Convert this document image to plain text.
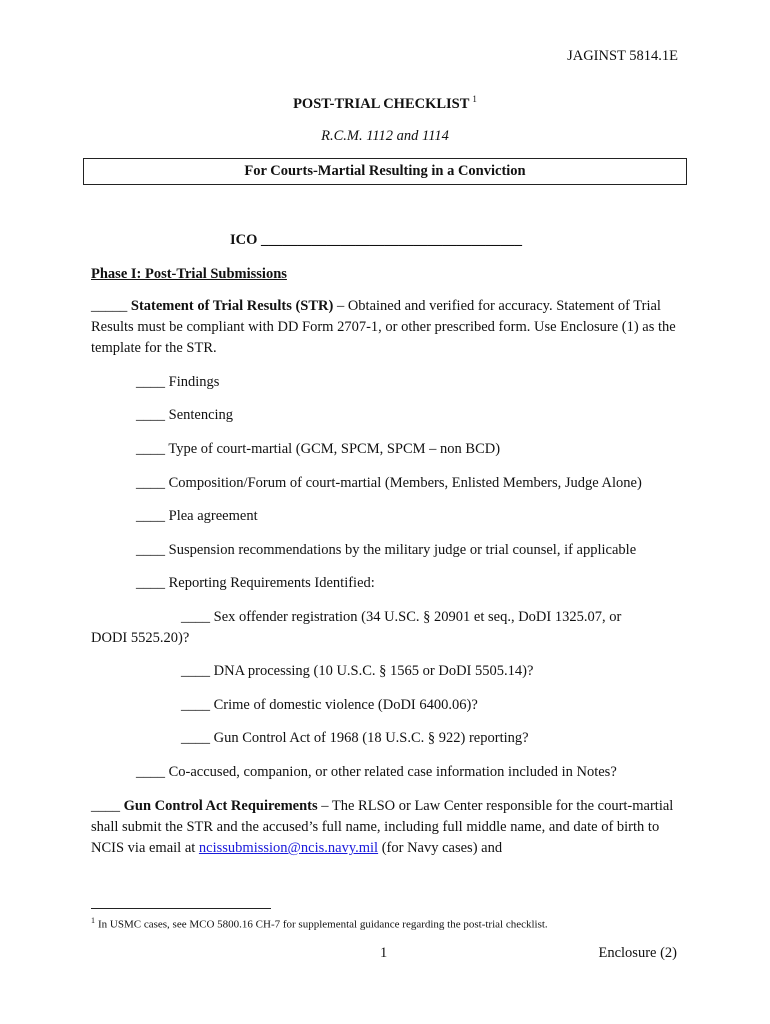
JAGINST 5814.1E
POST-TRIAL CHECKLIST $^1$
R.C.M. 1112 and 1114
For Courts-Martial Resulting in a Conviction
ICO ____________________________________
Phase I: Post-Trial Submissions
_____ Statement of Trial Results (STR) – Obtained and verified for accuracy. Statement of Trial Results must be compliant with DD Form 2707-1, or other prescribed form. Use Enclosure (1) as the template for the STR.
____ Findings
____ Sentencing
____ Type of court-martial (GCM, SPCM, SPCM – non BCD)
____ Composition/Forum of court-martial (Members, Enlisted Members, Judge Alone)
____ Plea agreement
____ Suspension recommendations by the military judge or trial counsel, if applicable
____ Reporting Requirements Identified:
____ Sex offender registration (34 U.SC. § 20901 et seq., DoDI 1325.07, or
DODI 5525.20)?
____ DNA processing (10 U.S.C. § 1565 or DoDI 5505.14)?
____ Crime of domestic violence (DoDI 6400.06)?
____ Gun Control Act of 1968 (18 U.S.C. § 922) reporting?
____ Co-accused, companion, or other related case information included in Notes?
____ Gun Control Act Requirements – The RLSO or Law Center responsible for the court-martial shall submit the STR and the accused’s full name, including full middle name, and date of birth to NCIS via email at ncissubmission@ncis.navy.mil (for Navy cases) and
$^1$ In USMC cases, see MCO 5800.16 CH-7 for supplemental guidance regarding the post-trial checklist.
1	Enclosure (2)
